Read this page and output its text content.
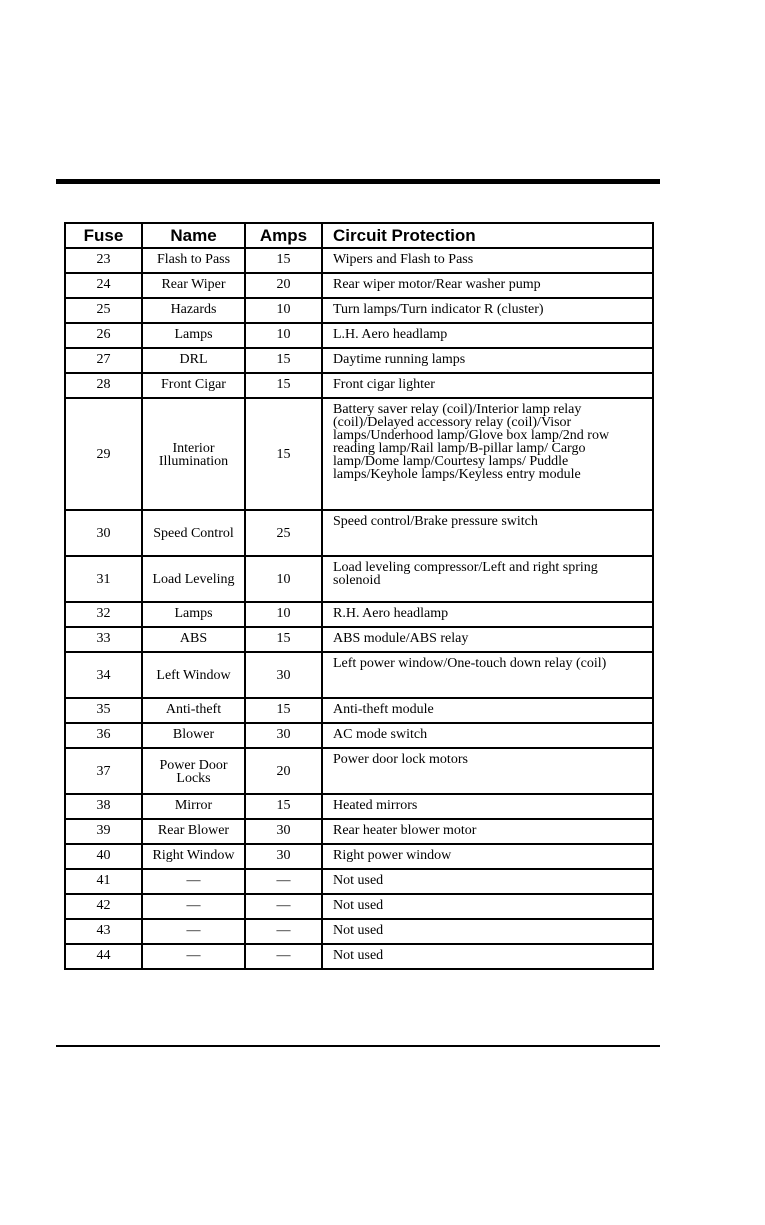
Fuse	Name	Amps	Circuit Protection
23	Flash to Pass	15	Wipers and Flash to Pass
24	Rear Wiper	20	Rear wiper motor/Rear washer pump
25	Hazards	10	Turn lamps/Turn indicator R (cluster)
26	Lamps	10	L.H. Aero headlamp
27	DRL	15	Daytime running lamps
28	Front Cigar	15	Front cigar lighter
29	Interior Illumination	15	Battery saver relay (coil)/Interior lamp relay (coil)/Delayed accessory relay (coil)/Visor lamps/Underhood lamp/Glove box lamp/2nd row reading lamp/Rail lamp/B-pillar lamp/ Cargo lamp/Dome lamp/Courtesy lamps/ Puddle lamps/Keyhole lamps/Keyless entry module
30	Speed Control	25	Speed control/Brake pressure switch
31	Load Leveling	10	Load leveling compressor/Left and right spring solenoid
32	Lamps	10	R.H. Aero headlamp
33	ABS	15	ABS module/ABS relay
34	Left Window	30	Left power window/One-touch down relay (coil)
35	Anti-theft	15	Anti-theft module
36	Blower	30	AC mode switch
37	Power Door Locks	20	Power door lock motors
38	Mirror	15	Heated mirrors
39	Rear Blower	30	Rear heater blower motor
40	Right Window	30	Right power window
41	—	—	Not used
42	—	—	Not used
43	—	—	Not used
44	—	—	Not used
